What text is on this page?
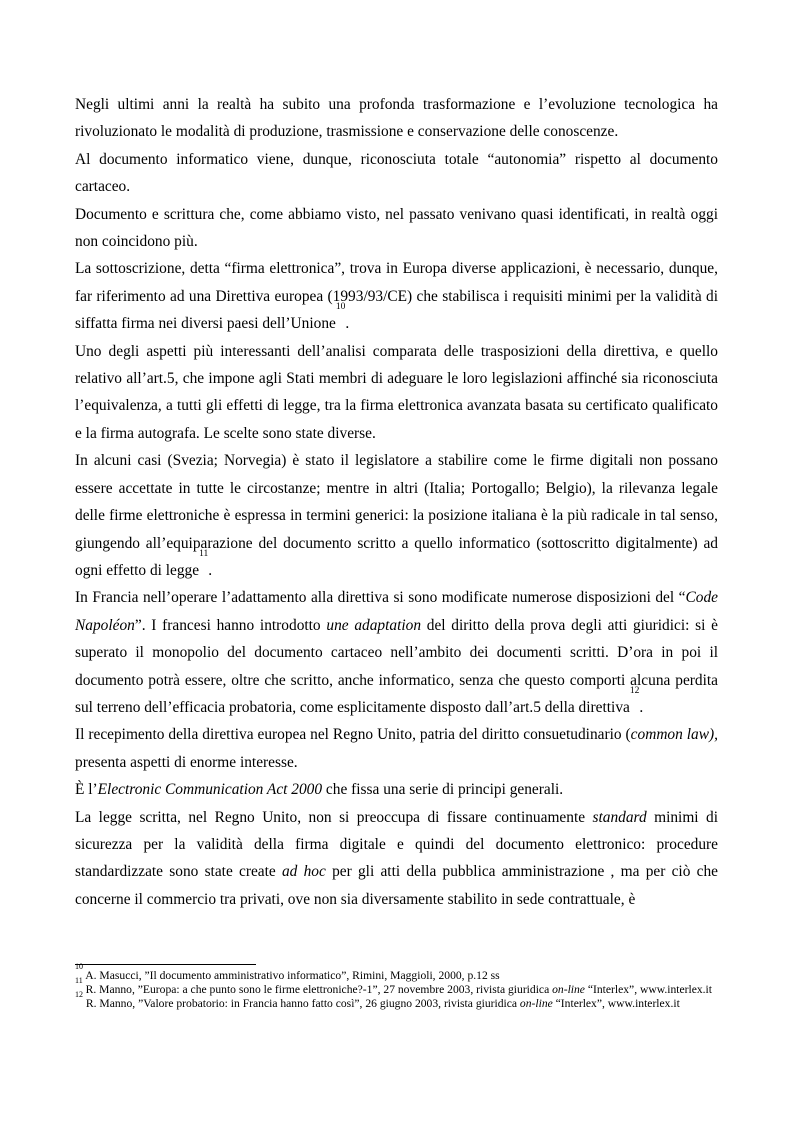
Negli ultimi anni la realtà ha subito una profonda trasformazione e l’evoluzione tecnologica ha rivoluzionato le modalità di produzione, trasmissione e conservazione delle conoscenze.

Al documento informatico viene, dunque, riconosciuta totale “autonomia” rispetto al documento cartaceo.

Documento e scrittura che, come abbiamo visto, nel passato venivano quasi identificati, in realtà oggi non coincidono più.

La sottoscrizione, detta “firma elettronica”, trova in Europa diverse applicazioni, è necessario, dunque, far riferimento ad una Direttiva europea (1993/93/CE) che stabilisca i requisiti minimi per la validità di siffatta firma nei diversi paesi dell’Unione$^{10}$.

Uno degli aspetti più interessanti dell’analisi comparata delle trasposizioni della direttiva, e quello relativo all’art.5, che impone agli Stati membri di adeguare le loro legislazioni affinché sia riconosciuta l’equivalenza, a tutti gli effetti di legge, tra la firma elettronica avanzata basata su certificato qualificato e la firma autografa. Le scelte sono state diverse.

In alcuni casi (Svezia; Norvegia) è stato il legislatore a stabilire come le firme digitali non possano essere accettate in tutte le circostanze; mentre in altri (Italia; Portogallo; Belgio), la rilevanza legale delle firme elettroniche è espressa in termini generici: la posizione italiana è la più radicale in tal senso, giungendo all’equiparazione del documento scritto a quello informatico (sottoscritto digitalmente) ad ogni effetto di legge$^{11}$.

In Francia nell’operare l’adattamento alla direttiva si sono modificate numerose disposizioni del “Code Napoléon”. I francesi hanno introdotto une adaptation del diritto della prova degli atti giuridici: si è superato il monopolio del documento cartaceo nell’ambito dei documenti scritti. D’ora in poi il documento potrà essere, oltre che scritto, anche informatico, senza che questo comporti alcuna perdita sul terreno dell’efficacia probatoria, come esplicitamente disposto dall’art.5 della direttiva$^{12}$.

Il recepimento della direttiva europea nel Regno Unito, patria del diritto consuetudinario (common law), presenta aspetti di enorme interesse.

È l’Electronic Communication Act 2000 che fissa una serie di principi generali.

La legge scritta, nel Regno Unito, non si preoccupa di fissare continuamente standard minimi di sicurezza per la validità della firma digitale e quindi del documento elettronico: procedure standardizzate sono state create ad hoc per gli atti della pubblica amministrazione , ma per ciò che concerne il commercio tra privati, ove non sia diversamente stabilito in sede contrattuale, è

$^{10}$ A. Masucci, ”Il documento amministrativo informatico”, Rimini, Maggioli, 2000, p.12 ss

$^{11}$ R. Manno, ”Europa: a che punto sono le firme elettroniche?-1”, 27 novembre 2003, rivista giuridica on-line “Interlex”, www.interlex.it

$^{12}$ R. Manno, ”Valore probatorio: in Francia hanno fatto così”, 26 giugno 2003, rivista giuridica on-line “Interlex”, www.interlex.it
